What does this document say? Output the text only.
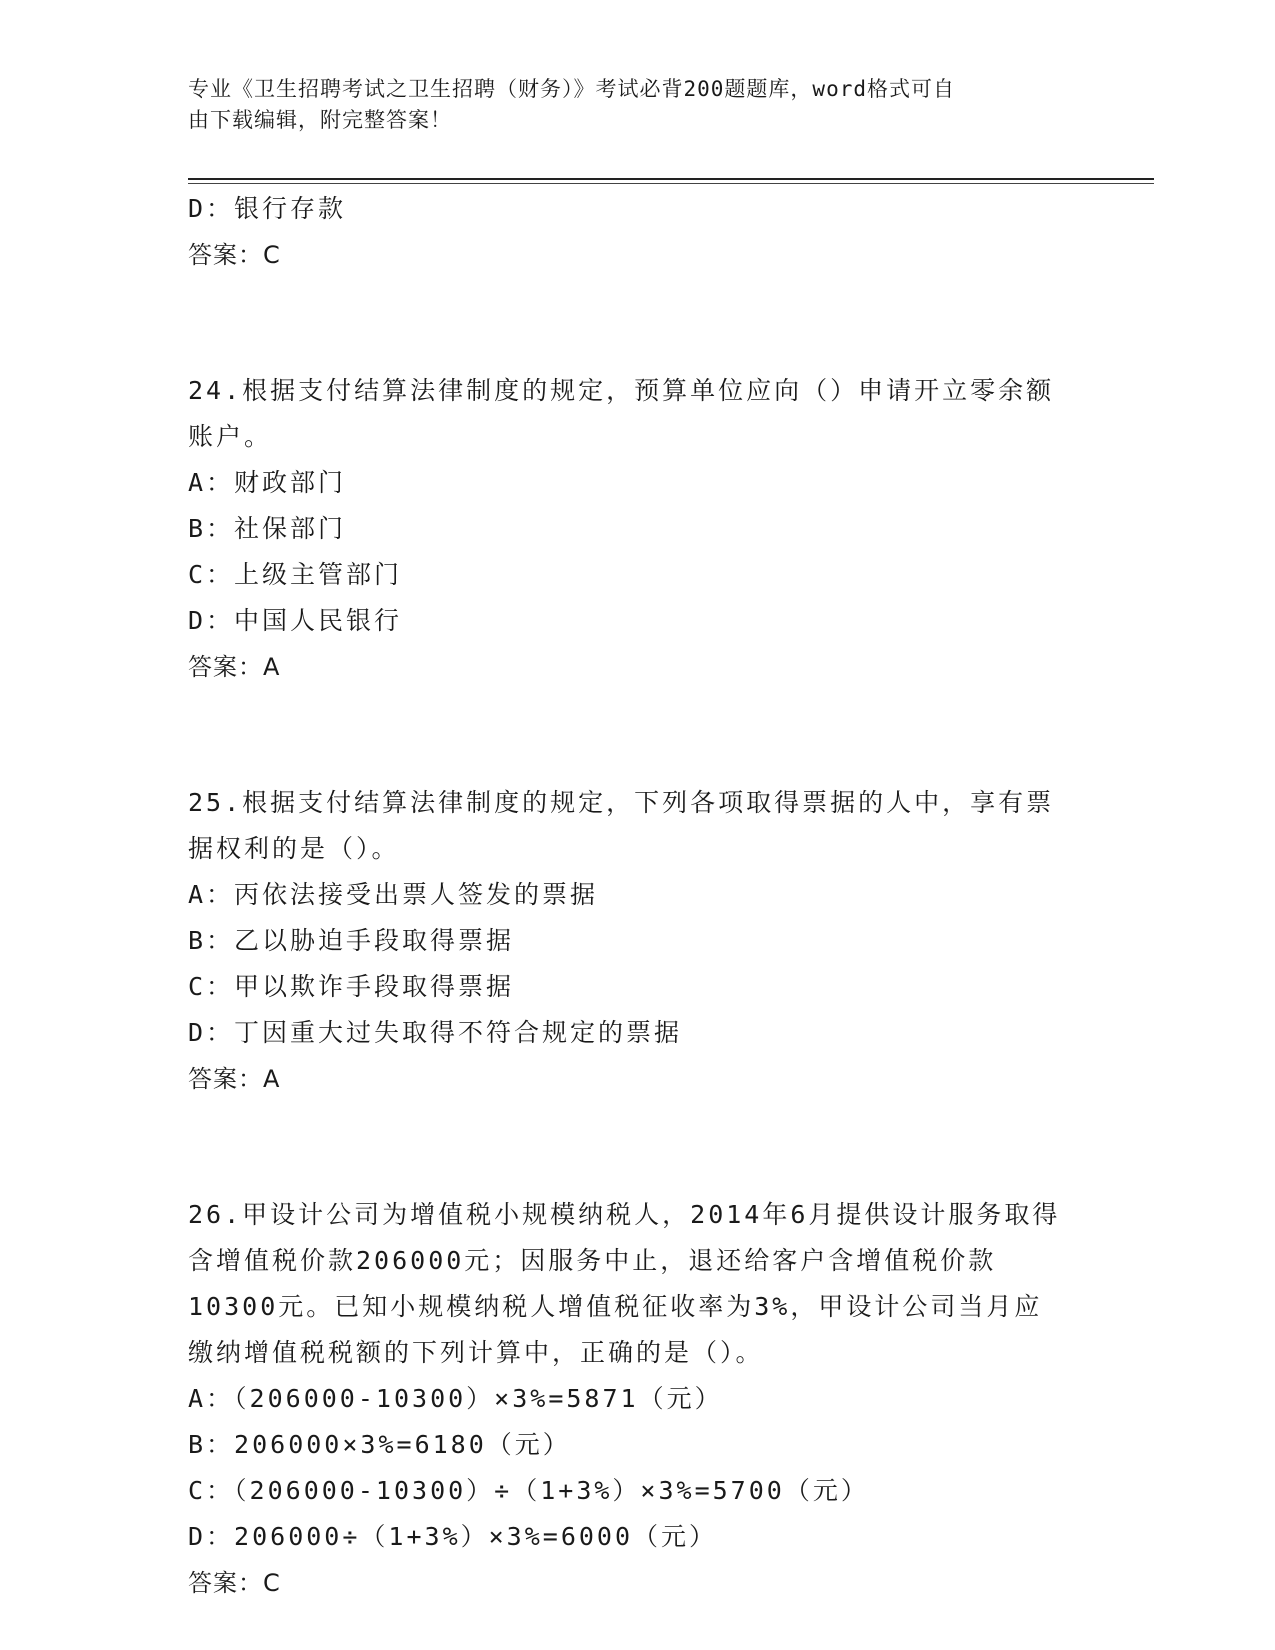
专业《卫生招聘考试之卫生招聘（财务）》考试必背200题题库，word格式可自
由下载编辑，附完整答案！
D：银行存款
答案：C
24.根据支付结算法律制度的规定，预算单位应向（）申请开立零余额
账户。
A：财政部门
B：社保部门
C：上级主管部门
D：中国人民银行
答案：A
25.根据支付结算法律制度的规定，下列各项取得票据的人中，享有票
据权利的是（）。
A：丙依法接受出票人签发的票据
B：乙以胁迫手段取得票据
C：甲以欺诈手段取得票据
D：丁因重大过失取得不符合规定的票据
答案：A
26.甲设计公司为增值税小规模纳税人，2014年6月提供设计服务取得
含增值税价款206000元；因服务中止，退还给客户含增值税价款
10300元。已知小规模纳税人增值税征收率为3%，甲设计公司当月应
缴纳增值税税额的下列计算中，正确的是（）。
A：（206000-10300）×3%=5871（元）
B：206000×3%=6180（元）
C：（206000-10300）÷（1+3%）×3%=5700（元）
D：206000÷（1+3%）×3%=6000（元）
答案：C
